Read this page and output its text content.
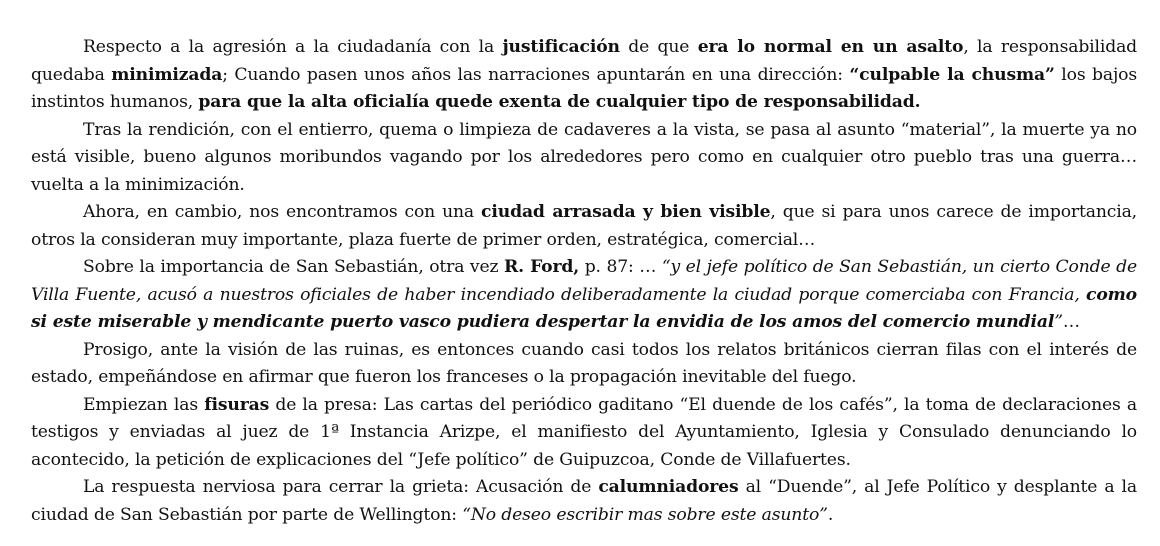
Respecto a la agresión a la ciudadanía con la justificación de que era lo normal en un asalto, la responsabilidad quedaba minimizada; Cuando pasen unos años las narraciones apuntarán en una dirección: “culpable la chusma” los bajos instintos humanos, para que la alta oficialía quede exenta de cualquier tipo de responsabilidad.

Tras la rendición, con el entierro, quema o limpieza de cadaveres a la vista, se pasa al asunto “material”, la muerte ya no está visible, bueno algunos moribundos vagando por los alrededores pero como en cualquier otro pueblo tras una guerra… vuelta a la minimización.

Ahora, en cambio, nos encontramos con una ciudad arrasada y bien visible, que si para unos carece de importancia, otros la consideran muy importante, plaza fuerte de primer orden, estratégica, comercial…

Sobre la importancia de San Sebastián, otra vez R. Ford, p. 87: … “y el jefe político de San Sebastián, un cierto Conde de Villa Fuente, acusó a nuestros oficiales de haber incendiado deliberadamente la ciudad porque comerciaba con Francia, como si este miserable y mendicante puerto vasco pudiera despertar la envidia de los amos del comercio mundial”…

Prosigo, ante la visión de las ruinas, es entonces cuando casi todos los relatos británicos cierran filas con el interés de estado, empeñándose en afirmar que fueron los franceses o la propagación inevitable del fuego.

Empiezan las fisuras de la presa: Las cartas del periódico gaditano “El duende de los cafés”, la toma de declaraciones a testigos y enviadas al juez de 1ª Instancia Arizpe, el manifiesto del Ayuntamiento, Iglesia y Consulado denunciando lo acontecido, la petición de explicaciones del “Jefe político” de Guipuzcoa, Conde de Villafuertes.

La respuesta nerviosa para cerrar la grieta: Acusación de calumniadores al “Duende”, al Jefe Político y desplante a la ciudad de San Sebastián por parte de Wellington: “No deseo escribir mas sobre este asunto”.
